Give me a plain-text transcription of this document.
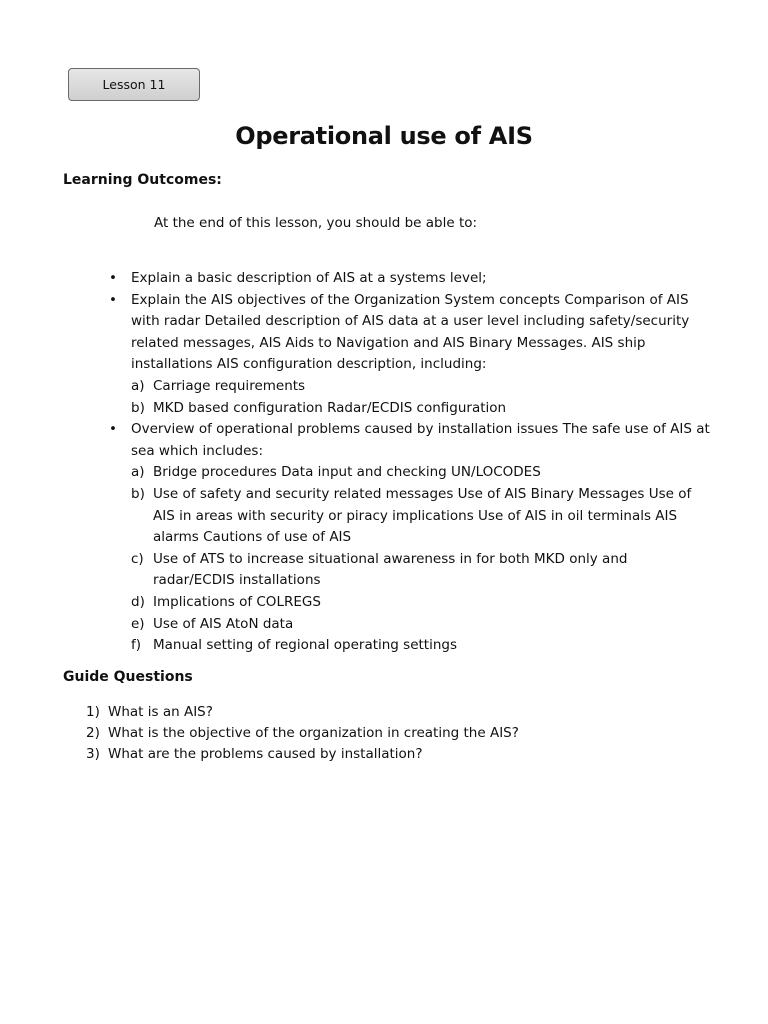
Lesson 11
Operational use of AIS
Learning Outcomes:
At the end of this lesson, you should be able to:
• Explain a basic description of AIS at a systems level;
• Explain the AIS objectives of the Organization System concepts Comparison of AIS with radar Detailed description of AIS data at a user level including safety/security related messages, AIS Aids to Navigation and AIS Binary Messages. AIS ship installations AIS configuration description, including:
a) Carriage requirements
b) MKD based configuration Radar/ECDIS configuration
• Overview of operational problems caused by installation issues The safe use of AIS at sea which includes:
a) Bridge procedures Data input and checking UN/LOCODES
b) Use of safety and security related messages Use of AIS Binary Messages Use of AIS in areas with security or piracy implications Use of AIS in oil terminals AIS alarms Cautions of use of AIS
c) Use of ATS to increase situational awareness in for both MKD only and radar/ECDIS installations
d) Implications of COLREGS
e) Use of AIS AtoN data
f) Manual setting of regional operating settings
Guide Questions
1) What is an AIS?
2) What is the objective of the organization in creating the AIS?
3) What are the problems caused by installation?
